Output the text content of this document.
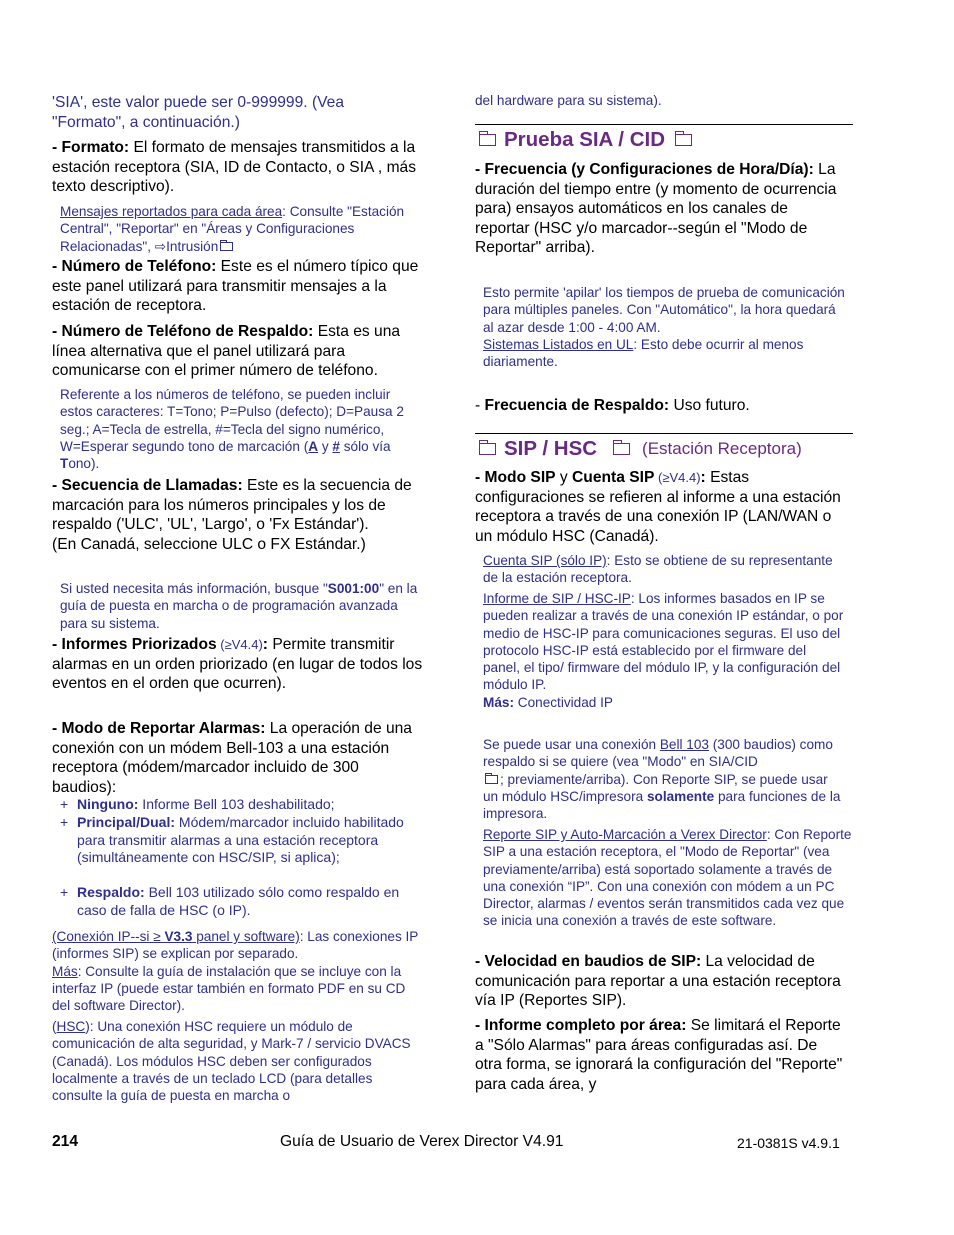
'SIA', este valor puede ser 0-999999. (Vea "Formato", a continuación.)

- Formato: El formato de mensajes transmitidos a la estación receptora (SIA, ID de Contacto, o SIA , más texto descriptivo).

Mensajes reportados para cada área: Consulte "Estación Central", "Reportar" en "Áreas y Configuraciones Relacionadas", ⇨Intrusión

- Número de Teléfono: Este es el número típico que este panel utilizará para transmitir mensajes a la estación de receptora.

- Número de Teléfono de Respaldo: Esta es una línea alternativa que el panel utilizará para comunicarse con el primer número de teléfono.

Referente a los números de teléfono, se pueden incluir estos caracteres: T=Tono; P=Pulso (defecto); D=Pausa 2 seg.; A=Tecla de estrella, #=Tecla del signo numérico, W=Esperar segundo tono de marcación (A y # sólo vía Tono).

- Secuencia de Llamadas: Este es la secuencia de marcación para los números principales y los de respaldo ('ULC', 'UL', 'Largo', o 'Fx Estándar').
(En Canadá, seleccione ULC o FX Estándar.)

Si usted necesita más información, busque "S001:00" en la guía de puesta en marcha o de programación avanzada para su sistema.

- Informes Priorizados (≥V4.4): Permite transmitir alarmas en un orden priorizado (en lugar de todos los eventos en el orden que ocurren).

- Modo de Reportar Alarmas: La operación de una conexión con un módem Bell-103 a una estación receptora (módem/marcador incluido de 300 baudios):

+ Ninguno: Informe Bell 103 deshabilitado;
+ Principal/Dual: Módem/marcador incluido habilitado para transmitir alarmas a una estación receptora (simultáneamente con HSC/SIP, si aplica);
+ Respaldo: Bell 103 utilizado sólo como respaldo en caso de falla de HSC (o IP).

(Conexión IP--si ≥ V3.3 panel y software): Las conexiones IP (informes SIP) se explican por separado.
Más: Consulte la guía de instalación que se incluye con la interfaz IP (puede estar también en formato PDF en su CD del software Director).

(HSC): Una conexión HSC requiere un módulo de comunicación de alta seguridad, y Mark-7 / servicio DVACS (Canadá). Los módulos HSC deben ser configurados localmente a través de un teclado LCD (para detalles consulte la guía de puesta en marcha o

del hardware para su sistema).

Prueba SIA / CID

- Frecuencia (y Configuraciones de Hora/Día): La duración del tiempo entre (y momento de ocurrencia para) ensayos automáticos en los canales de reportar (HSC y/o marcador--según el "Modo de Reportar" arriba).

Esto permite 'apilar' los tiempos de prueba de comunicación para múltiples paneles. Con "Automático", la hora quedará al azar desde 1:00 - 4:00 AM.
Sistemas Listados en UL: Esto debe ocurrir al menos diariamente.

- Frecuencia de Respaldo: Uso futuro.

SIP / HSC	(Estación Receptora)

- Modo SIP y Cuenta SIP (≥V4.4): Estas configuraciones se refieren al informe a una estación receptora a través de una conexión IP (LAN/WAN o un módulo HSC (Canadá).

Cuenta SIP (sólo IP): Esto se obtiene de su representante de la estación receptora.

Informe de SIP / HSC-IP: Los informes basados en IP se pueden realizar a través de una conexión IP estándar, o por medio de HSC-IP para comunicaciones seguras. El uso del protocolo HSC-IP está establecido por el firmware del panel, el tipo/ firmware del módulo IP, y la configuración del módulo IP.
Más: Conectividad IP

Se puede usar una conexión Bell 103 (300 baudios) como respaldo si se quiere (vea "Modo" en SIA/CID
; previamente/arriba). Con Reporte SIP, se puede usar un módulo HSC/impresora solamente para funciones de la impresora.

Reporte SIP y Auto-Marcación a Verex Director: Con Reporte SIP a una estación receptora, el "Modo de Reportar" (vea previamente/arriba) está soportado solamente a través de una conexión “IP”. Con una conexión con módem a un PC Director, alarmas / eventos serán transmitidos cada vez que se inicia una conexión a través de este software.

- Velocidad en baudios de SIP: La velocidad de comunicación para reportar a una estación receptora vía IP (Reportes SIP).

- Informe completo por área: Se limitará el Reporte a "Sólo Alarmas" para áreas configuradas así. De otra forma, se ignorará la configuración del "Reporte" para cada área, y

214	Guía de Usuario de Verex Director V4.91	21-0381S v4.9.1
